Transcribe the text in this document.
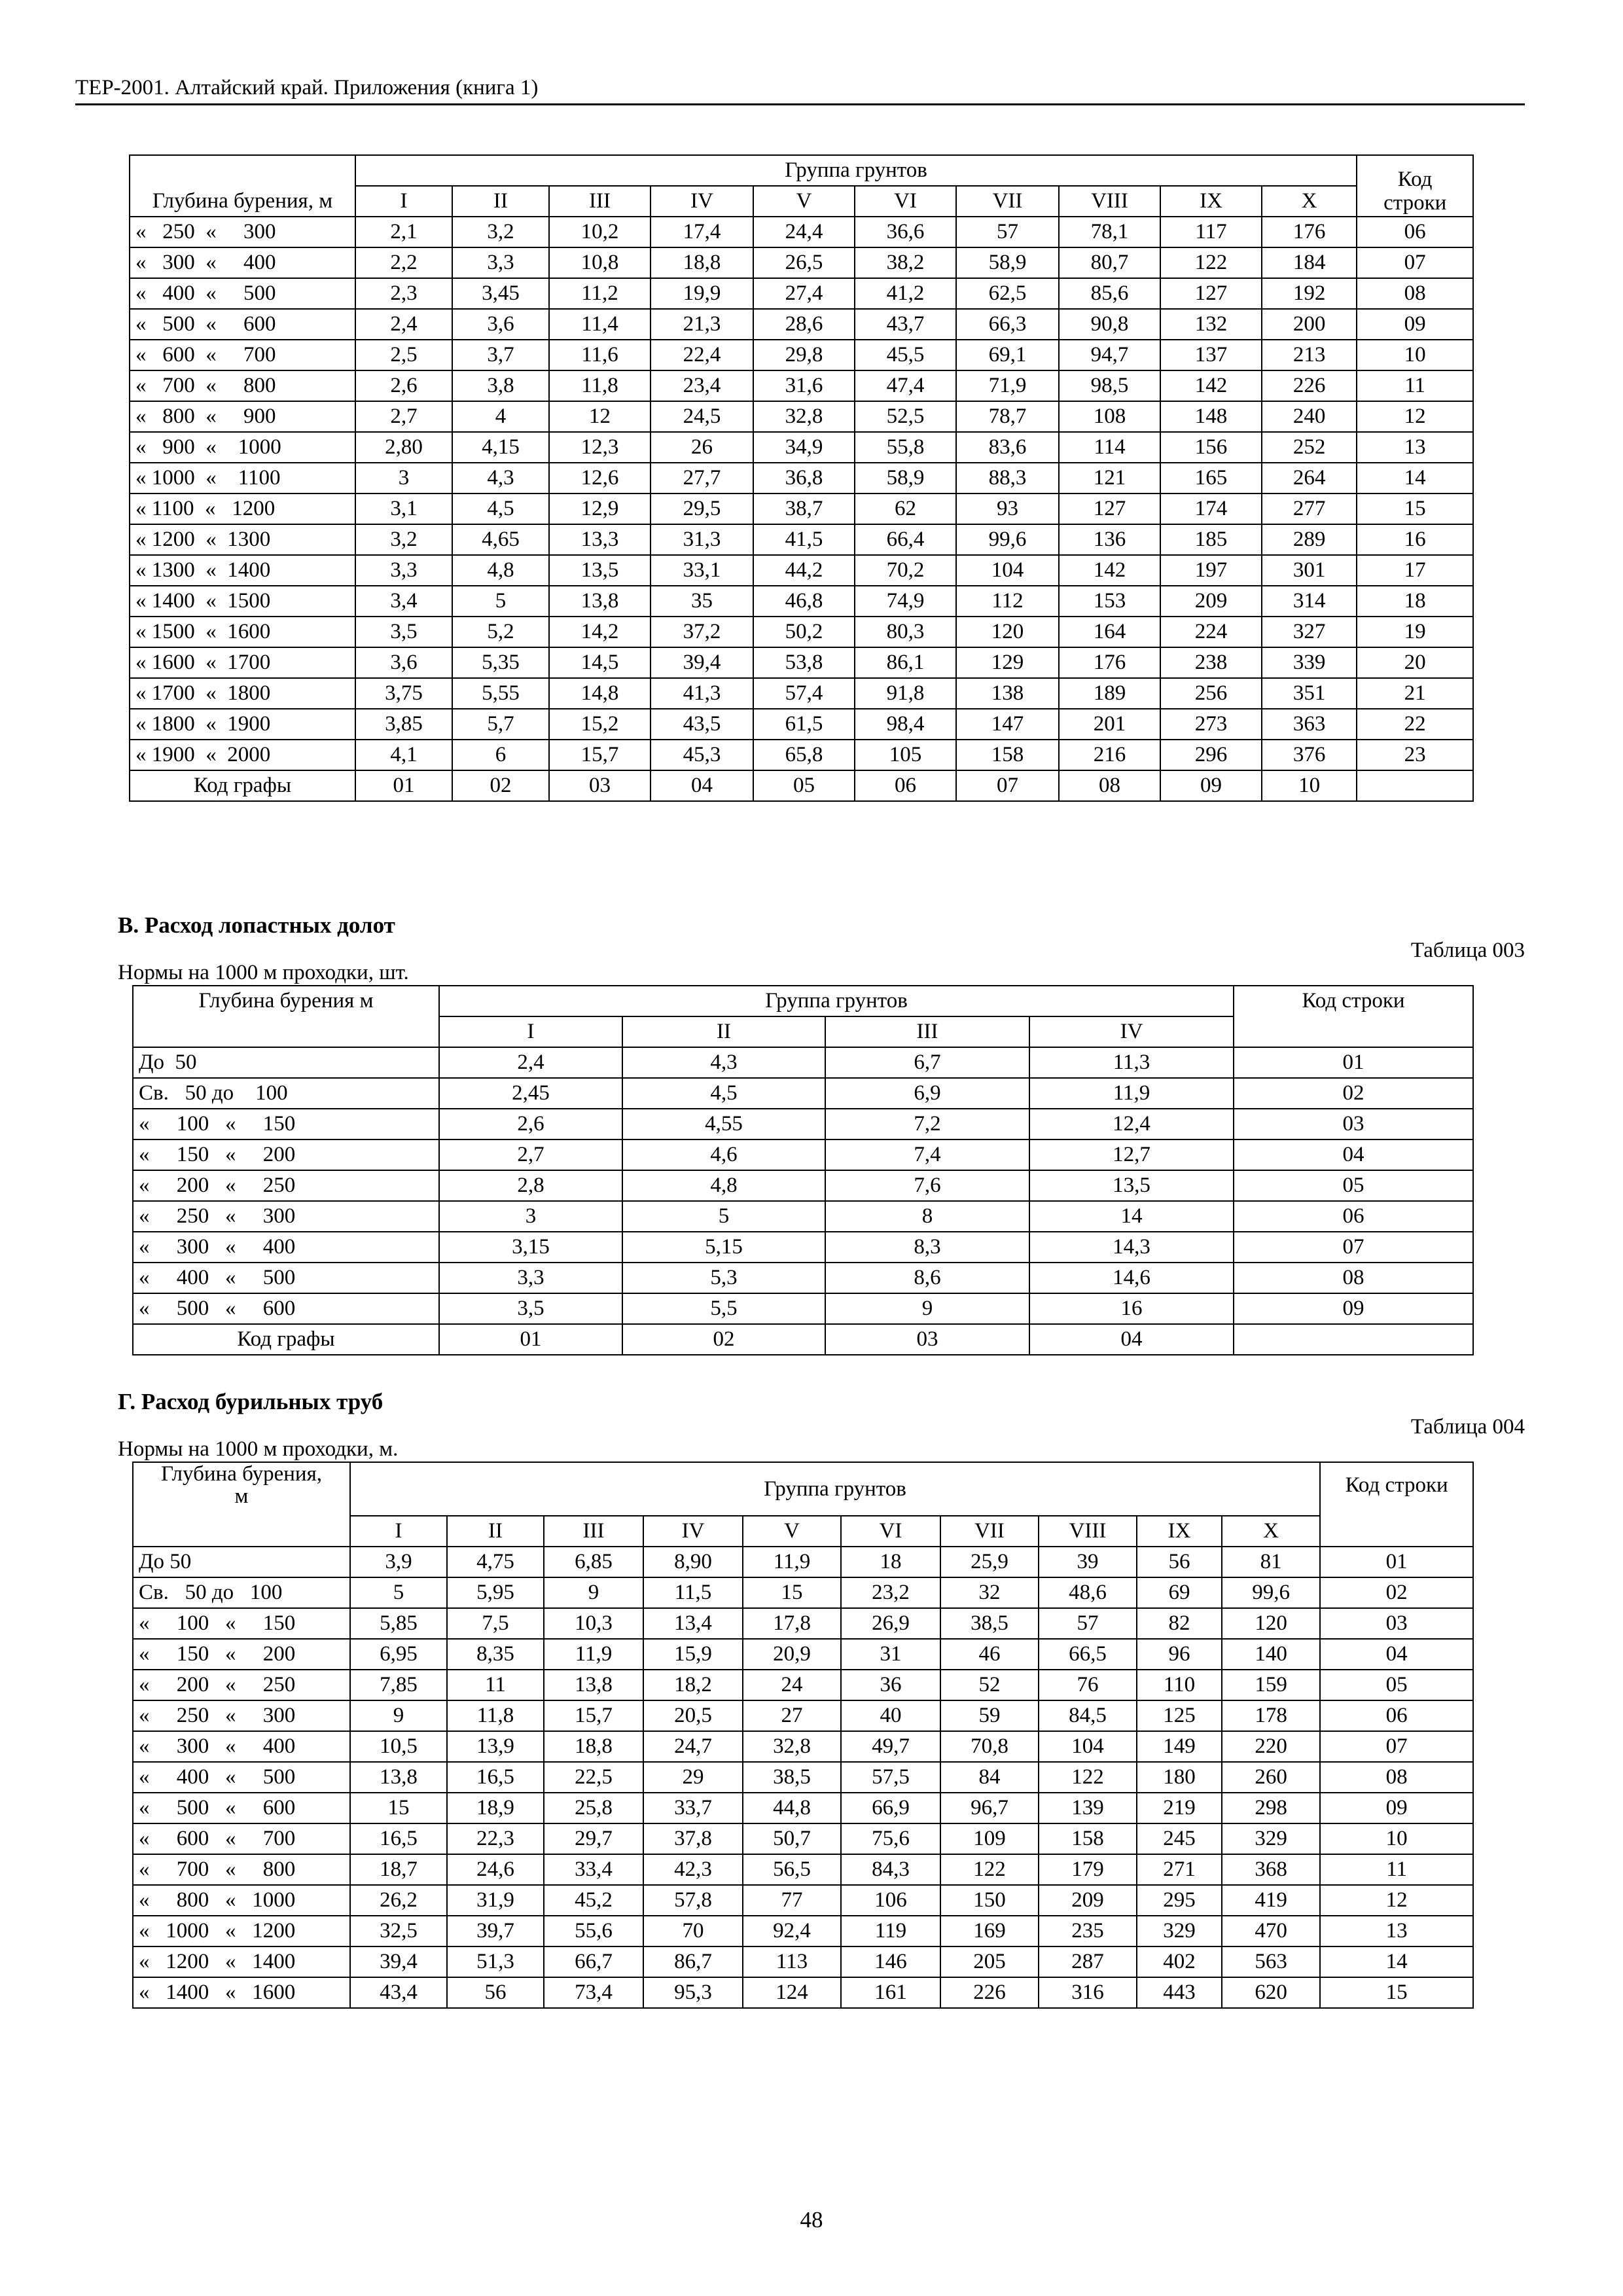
ТЕР-2001. Алтайский край. Приложения (книга 1)
Глубина бурения, м	Группа грунтов										Код строки
	I	II	III	IV	V	VI	VII	VIII	IX	X	
«   250  «     300	2,1	3,2	10,2	17,4	24,4	36,6	57	78,1	117	176	06
«   300  «     400	2,2	3,3	10,8	18,8	26,5	38,2	58,9	80,7	122	184	07
«   400  «     500	2,3	3,45	11,2	19,9	27,4	41,2	62,5	85,6	127	192	08
«   500  «     600	2,4	3,6	11,4	21,3	28,6	43,7	66,3	90,8	132	200	09
«   600  «     700	2,5	3,7	11,6	22,4	29,8	45,5	69,1	94,7	137	213	10
«   700  «     800	2,6	3,8	11,8	23,4	31,6	47,4	71,9	98,5	142	226	11
«   800  «     900	2,7	4	12	24,5	32,8	52,5	78,7	108	148	240	12
«   900  «    1000	2,80	4,15	12,3	26	34,9	55,8	83,6	114	156	252	13
« 1000  «    1100	3	4,3	12,6	27,7	36,8	58,9	88,3	121	165	264	14
« 1100  «   1200	3,1	4,5	12,9	29,5	38,7	62	93	127	174	277	15
« 1200  «  1300	3,2	4,65	13,3	31,3	41,5	66,4	99,6	136	185	289	16
« 1300  «  1400	3,3	4,8	13,5	33,1	44,2	70,2	104	142	197	301	17
« 1400  «  1500	3,4	5	13,8	35	46,8	74,9	112	153	209	314	18
« 1500  «  1600	3,5	5,2	14,2	37,2	50,2	80,3	120	164	224	327	19
« 1600  «  1700	3,6	5,35	14,5	39,4	53,8	86,1	129	176	238	339	20
« 1700  «  1800	3,75	5,55	14,8	41,3	57,4	91,8	138	189	256	351	21
« 1800  «  1900	3,85	5,7	15,2	43,5	61,5	98,4	147	201	273	363	22
« 1900  «  2000	4,1	6	15,7	45,3	65,8	105	158	216	296	376	23
Код графы	01	02	03	04	05	06	07	08	09	10	
В. Расход лопастных долот
Таблица 003
Нормы на 1000 м проходки, шт.
Глубина бурения м	Группа грунтов				Код строки
	I	II	III	IV	
До  50	2,4	4,3	6,7	11,3	01
Св.   50 до    100	2,45	4,5	6,9	11,9	02
«     100   «     150	2,6	4,55	7,2	12,4	03
«     150   «     200	2,7	4,6	7,4	12,7	04
«     200   «     250	2,8	4,8	7,6	13,5	05
«     250   «     300	3	5	8	14	06
«     300   «     400	3,15	5,15	8,3	14,3	07
«     400   «     500	3,3	5,3	8,6	14,6	08
«     500   «     600	3,5	5,5	9	16	09
Код графы	01	02	03	04	
Г. Расход бурильных труб
Таблица 004
Нормы на 1000 м проходки, м.
Глубина бурения, м	Группа грунтов										Код строки
	I	II	III	IV	V	VI	VII	VIII	IX	X	
До 50	3,9	4,75	6,85	8,90	11,9	18	25,9	39	56	81	01
Св.   50 до   100	5	5,95	9	11,5	15	23,2	32	48,6	69	99,6	02
«     100   «     150	5,85	7,5	10,3	13,4	17,8	26,9	38,5	57	82	120	03
«     150   «     200	6,95	8,35	11,9	15,9	20,9	31	46	66,5	96	140	04
«     200   «     250	7,85	11	13,8	18,2	24	36	52	76	110	159	05
«     250   «     300	9	11,8	15,7	20,5	27	40	59	84,5	125	178	06
«     300   «     400	10,5	13,9	18,8	24,7	32,8	49,7	70,8	104	149	220	07
«     400   «     500	13,8	16,5	22,5	29	38,5	57,5	84	122	180	260	08
«     500   «     600	15	18,9	25,8	33,7	44,8	66,9	96,7	139	219	298	09
«     600   «     700	16,5	22,3	29,7	37,8	50,7	75,6	109	158	245	329	10
«     700   «     800	18,7	24,6	33,4	42,3	56,5	84,3	122	179	271	368	11
«     800   «   1000	26,2	31,9	45,2	57,8	77	106	150	209	295	419	12
«   1000   «   1200	32,5	39,7	55,6	70	92,4	119	169	235	329	470	13
«   1200   «   1400	39,4	51,3	66,7	86,7	113	146	205	287	402	563	14
«   1400   «   1600	43,4	56	73,4	95,3	124	161	226	316	443	620	15
48
